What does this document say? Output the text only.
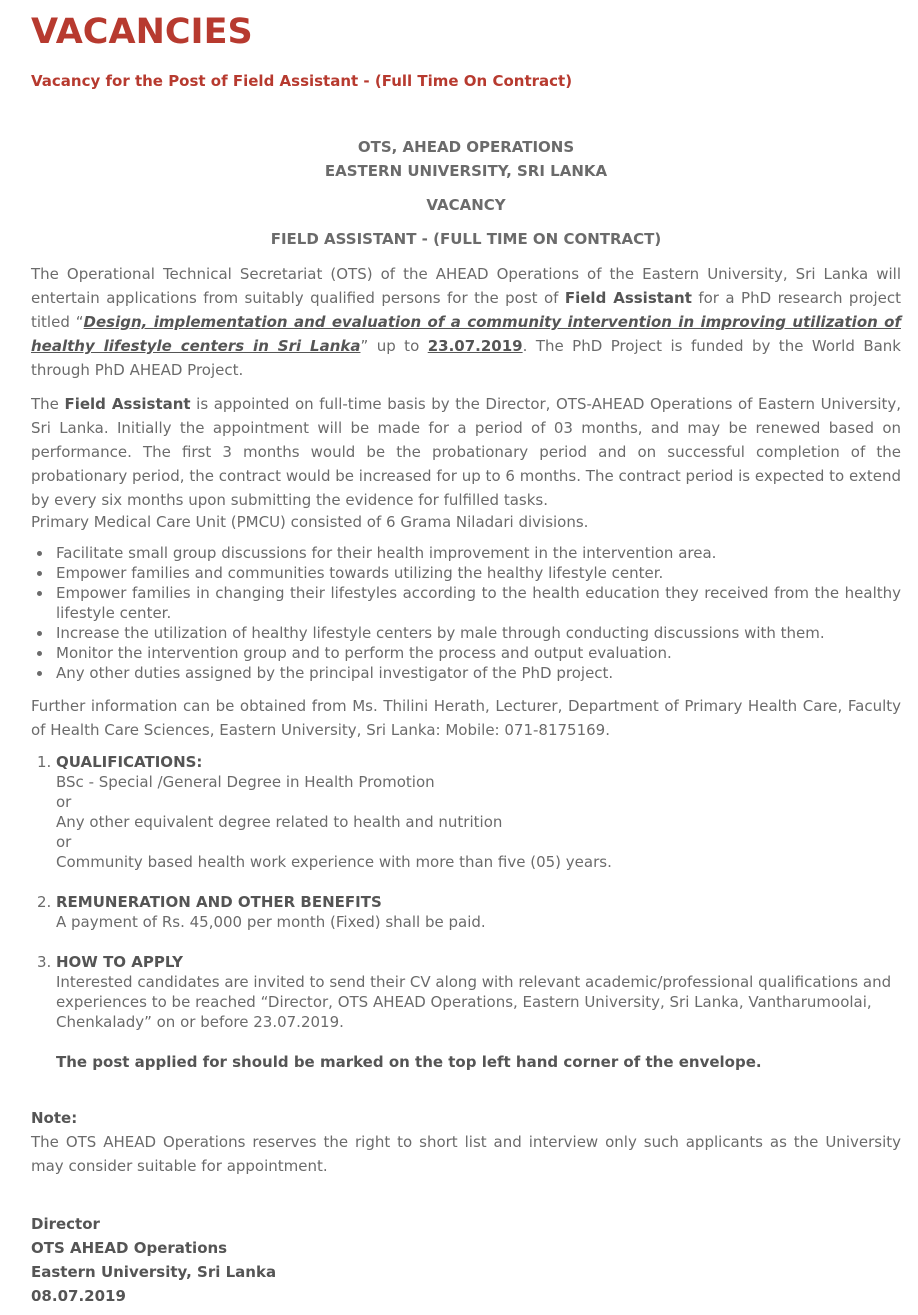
VACANCIES
Vacancy for the Post of Field Assistant - (Full Time On Contract)
OTS, AHEAD OPERATIONS
EASTERN UNIVERSITY, SRI LANKA
VACANCY
FIELD ASSISTANT - (FULL TIME ON CONTRACT)
The Operational Technical Secretariat (OTS) of the AHEAD Operations of the Eastern University, Sri Lanka will entertain applications from suitably qualified persons for the post of Field Assistant for a PhD research project titled “Design, implementation and evaluation of a community intervention in improving utilization of healthy lifestyle centers in Sri Lanka” up to 23.07.2019. The PhD Project is funded by the World Bank through PhD AHEAD Project.
The Field Assistant is appointed on full-time basis by the Director, OTS-AHEAD Operations of Eastern University, Sri Lanka. Initially the appointment will be made for a period of 03 months, and may be renewed based on performance. The first 3 months would be the probationary period and on successful completion of the probationary period, the contract would be increased for up to 6 months. The contract period is expected to extend by every six months upon submitting the evidence for fulfilled tasks.
Primary Medical Care Unit (PMCU) consisted of 6 Grama Niladari divisions.
Facilitate small group discussions for their health improvement in the intervention area.
Empower families and communities towards utilizing the healthy lifestyle center.
Empower families in changing their lifestyles according to the health education they received from the healthy lifestyle center.
Increase the utilization of healthy lifestyle centers by male through conducting discussions with them.
Monitor the intervention group and to perform the process and output evaluation.
Any other duties assigned by the principal investigator of the PhD project.
Further information can be obtained from Ms. Thilini Herath, Lecturer, Department of Primary Health Care, Faculty of Health Care Sciences, Eastern University, Sri Lanka: Mobile: 071-8175169.
1. QUALIFICATIONS:
BSc - Special /General Degree in Health Promotion
or
Any other equivalent degree related to health and nutrition
or
Community based health work experience with more than five (05) years.
2. REMUNERATION AND OTHER BENEFITS
A payment of Rs. 45,000 per month (Fixed) shall be paid.
3. HOW TO APPLY
Interested candidates are invited to send their CV along with relevant academic/professional qualifications and experiences to be reached “Director, OTS AHEAD Operations, Eastern University, Sri Lanka, Vantharumoolai, Chenkalady” on or before 23.07.2019.
The post applied for should be marked on the top left hand corner of the envelope.
Note:
The OTS AHEAD Operations reserves the right to short list and interview only such applicants as the University may consider suitable for appointment.
Director
OTS AHEAD Operations
Eastern University, Sri Lanka
08.07.2019
